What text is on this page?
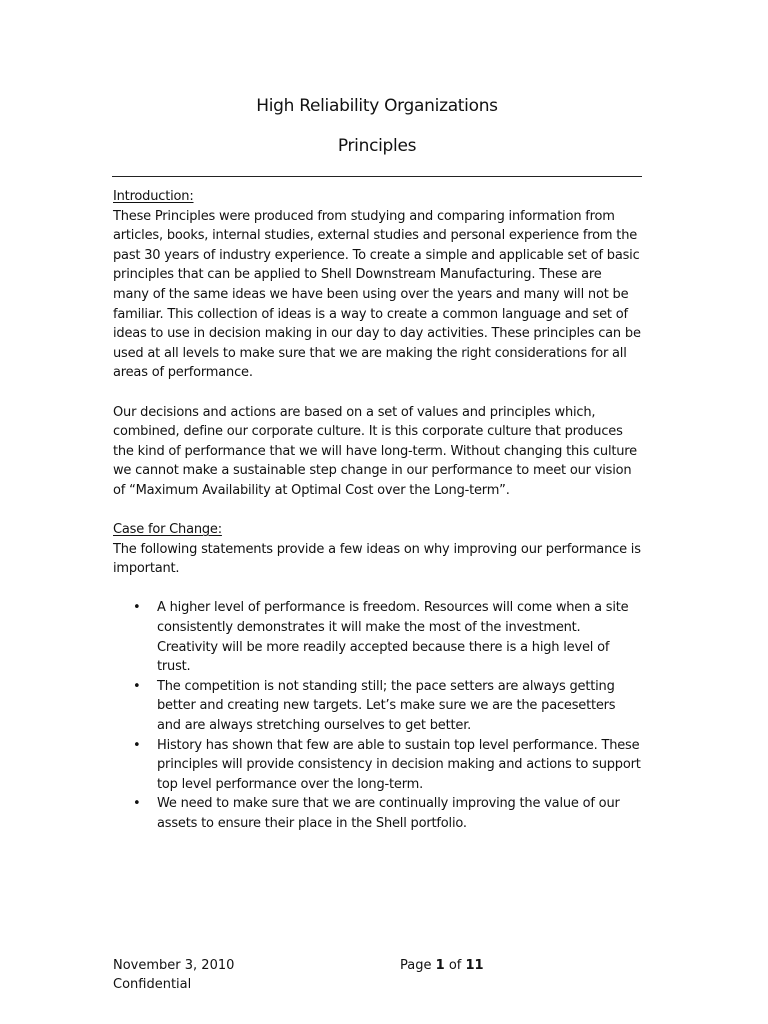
High Reliability Organizations

Principles

Introduction:

These Principles were produced from studying and comparing information from articles, books, internal studies, external studies and personal experience from the past 30 years of industry experience. To create a simple and applicable set of basic principles that can be applied to Shell Downstream Manufacturing. These are many of the same ideas we have been using over the years and many will not be familiar. This collection of ideas is a way to create a common language and set of ideas to use in decision making in our day to day activities. These principles can be used at all levels to make sure that we are making the right considerations for all areas of performance.

Our decisions and actions are based on a set of values and principles which, combined, define our corporate culture. It is this corporate culture that produces the kind of performance that we will have long-term. Without changing this culture we cannot make a sustainable step change in our performance to meet our vision of “Maximum Availability at Optimal Cost over the Long-term”.

Case for Change:

The following statements provide a few ideas on why improving our performance is important.

• A higher level of performance is freedom. Resources will come when a site consistently demonstrates it will make the most of the investment. Creativity will be more readily accepted because there is a high level of trust.
• The competition is not standing still; the pace setters are always getting better and creating new targets. Let’s make sure we are the pacesetters and are always stretching ourselves to get better.
• History has shown that few are able to sustain top level performance. These principles will provide consistency in decision making and actions to support top level performance over the long-term.
• We need to make sure that we are continually improving the value of our assets to ensure their place in the Shell portfolio.
November 3, 2010
Confidential
Page 1 of 11
